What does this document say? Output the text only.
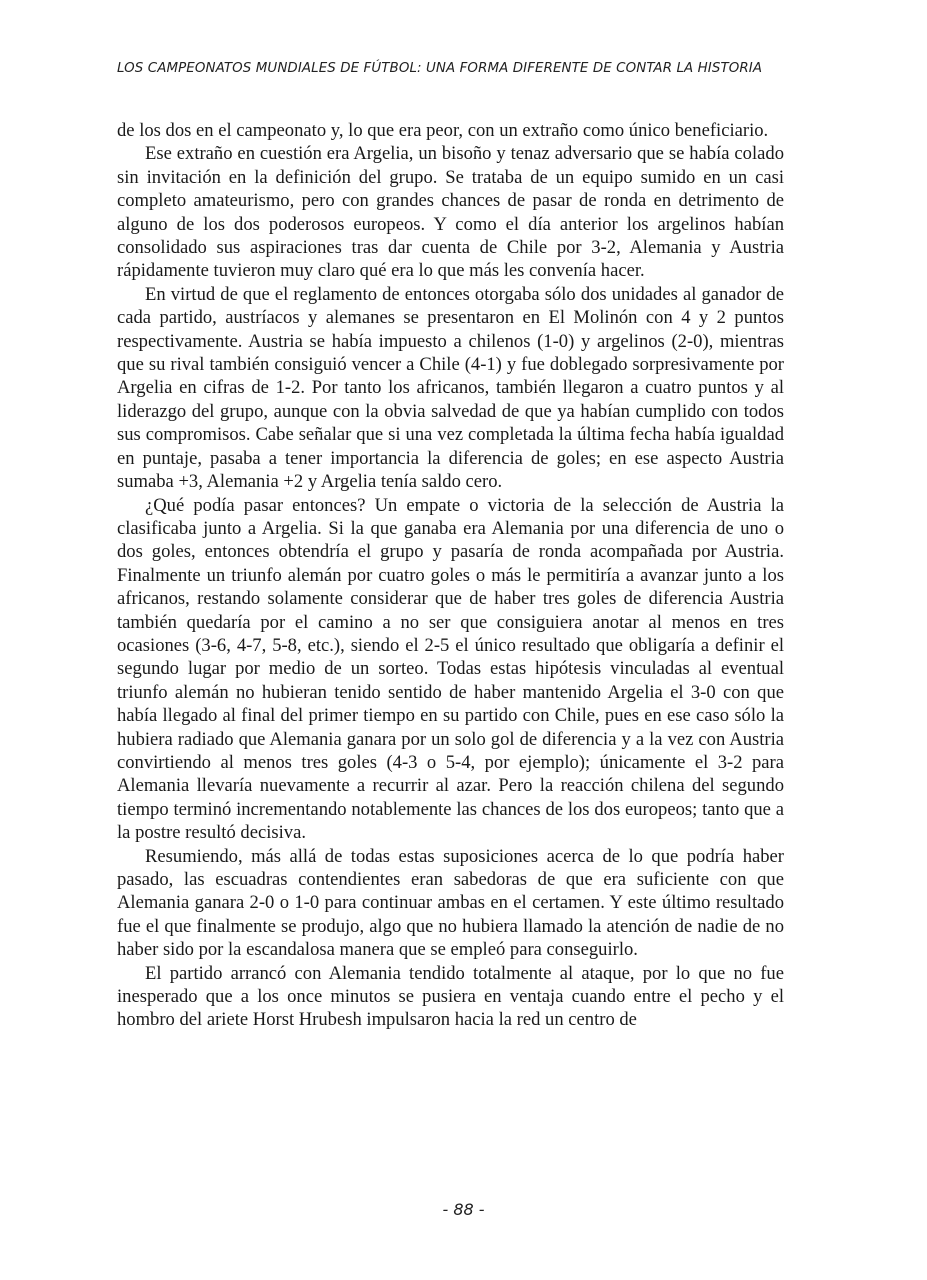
LOS CAMPEONATOS MUNDIALES DE FÚTBOL: UNA FORMA DIFERENTE DE CONTAR LA HISTORIA

de los dos en el campeonato y, lo que era peor, con un extraño como único beneficiario.

Ese extraño en cuestión era Argelia, un bisoño y tenaz adversario que se había colado sin invitación en la definición del grupo. Se trataba de un equipo sumido en un casi completo amateurismo, pero con grandes chances de pasar de ronda en detrimento de alguno de los dos poderosos europeos. Y como el día anterior los argelinos habían consolidado sus aspiraciones tras dar cuenta de Chile por 3-2, Alemania y Austria rápidamente tuvieron muy claro qué era lo que más les convenía hacer.

En virtud de que el reglamento de entonces otorgaba sólo dos unidades al ganador de cada partido, austríacos y alemanes se presentaron en El Molinón con 4 y 2 puntos respectivamente. Austria se había impuesto a chilenos (1-0) y argelinos (2-0), mientras que su rival también consiguió vencer a Chile (4-1) y fue doblegado sorpresivamente por Argelia en cifras de 1-2. Por tanto los africanos, también llegaron a cuatro puntos y al liderazgo del grupo, aunque con la obvia salvedad de que ya habían cumplido con todos sus compromisos. Cabe señalar que si una vez completada la última fecha había igualdad en puntaje, pasaba a tener importancia la diferencia de goles; en ese aspecto Austria sumaba +3, Alemania +2 y Argelia tenía saldo cero.

¿Qué podía pasar entonces? Un empate o victoria de la selección de Austria la clasificaba junto a Argelia. Si la que ganaba era Alemania por una diferencia de uno o dos goles, entonces obtendría el grupo y pasaría de ronda acompañada por Austria. Finalmente un triunfo alemán por cuatro goles o más le permitiría a avanzar junto a los africanos, restando solamente considerar que de haber tres goles de diferencia Austria también quedaría por el camino a no ser que consiguiera anotar al menos en tres ocasiones (3-6, 4-7, 5-8, etc.), siendo el 2-5 el único resultado que obligaría a definir el segundo lugar por medio de un sorteo. Todas estas hipótesis vinculadas al eventual triunfo alemán no hubieran tenido sentido de haber mantenido Argelia el 3-0 con que había llegado al final del primer tiempo en su partido con Chile, pues en ese caso sólo la hubiera radiado que Alemania ganara por un solo gol de diferencia y a la vez con Austria convirtiendo al menos tres goles (4-3 o 5-4, por ejemplo); únicamente el 3-2 para Alemania llevaría nuevamente a recurrir al azar. Pero la reacción chilena del segundo tiempo terminó incrementando notablemente las chances de los dos europeos; tanto que a la postre resultó decisiva.

Resumiendo, más allá de todas estas suposiciones acerca de lo que podría haber pasado, las escuadras contendientes eran sabedoras de que era suficiente con que Alemania ganara 2-0 o 1-0 para continuar ambas en el certamen. Y este último resultado fue el que finalmente se produjo, algo que no hubiera llamado la atención de nadie de no haber sido por la escandalosa manera que se empleó para conseguirlo.

El partido arrancó con Alemania tendido totalmente al ataque, por lo que no fue inesperado que a los once minutos se pusiera en ventaja cuando entre el pecho y el hombro del ariete Horst Hrubesh impulsaron hacia la red un centro de

- 88 -
